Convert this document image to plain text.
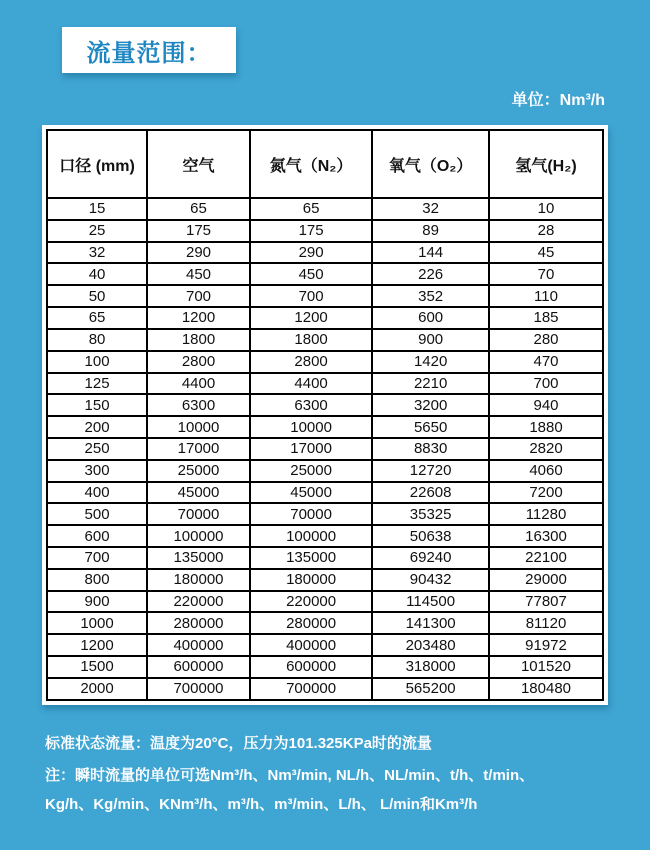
流量范围：
单位：Nm³/h
口径 (mm)	空气	氮气（N₂）	氧气（O₂）	氢气(H₂)
15	65	65	32	10
25	175	175	89	28
32	290	290	144	45
40	450	450	226	70
50	700	700	352	110
65	1200	1200	600	185
80	1800	1800	900	280
100	2800	2800	1420	470
125	4400	4400	2210	700
150	6300	6300	3200	940
200	10000	10000	5650	1880
250	17000	17000	8830	2820
300	25000	25000	12720	4060
400	45000	45000	22608	7200
500	70000	70000	35325	11280
600	100000	100000	50638	16300
700	135000	135000	69240	22100
800	180000	180000	90432	29000
900	220000	220000	114500	77807
1000	280000	280000	141300	81120
1200	400000	400000	203480	91972
1500	600000	600000	318000	101520
2000	700000	700000	565200	180480

标准状态流量：温度为20°C，压力为101.325KPa时的流量

注：瞬时流量的单位可选Nm³/h、Nm³/min, NL/h、NL/min、t/h、t/min、

Kg/h、Kg/min、KNm³/h、m³/h、m³/min、L/h、 L/min和Km³/h
